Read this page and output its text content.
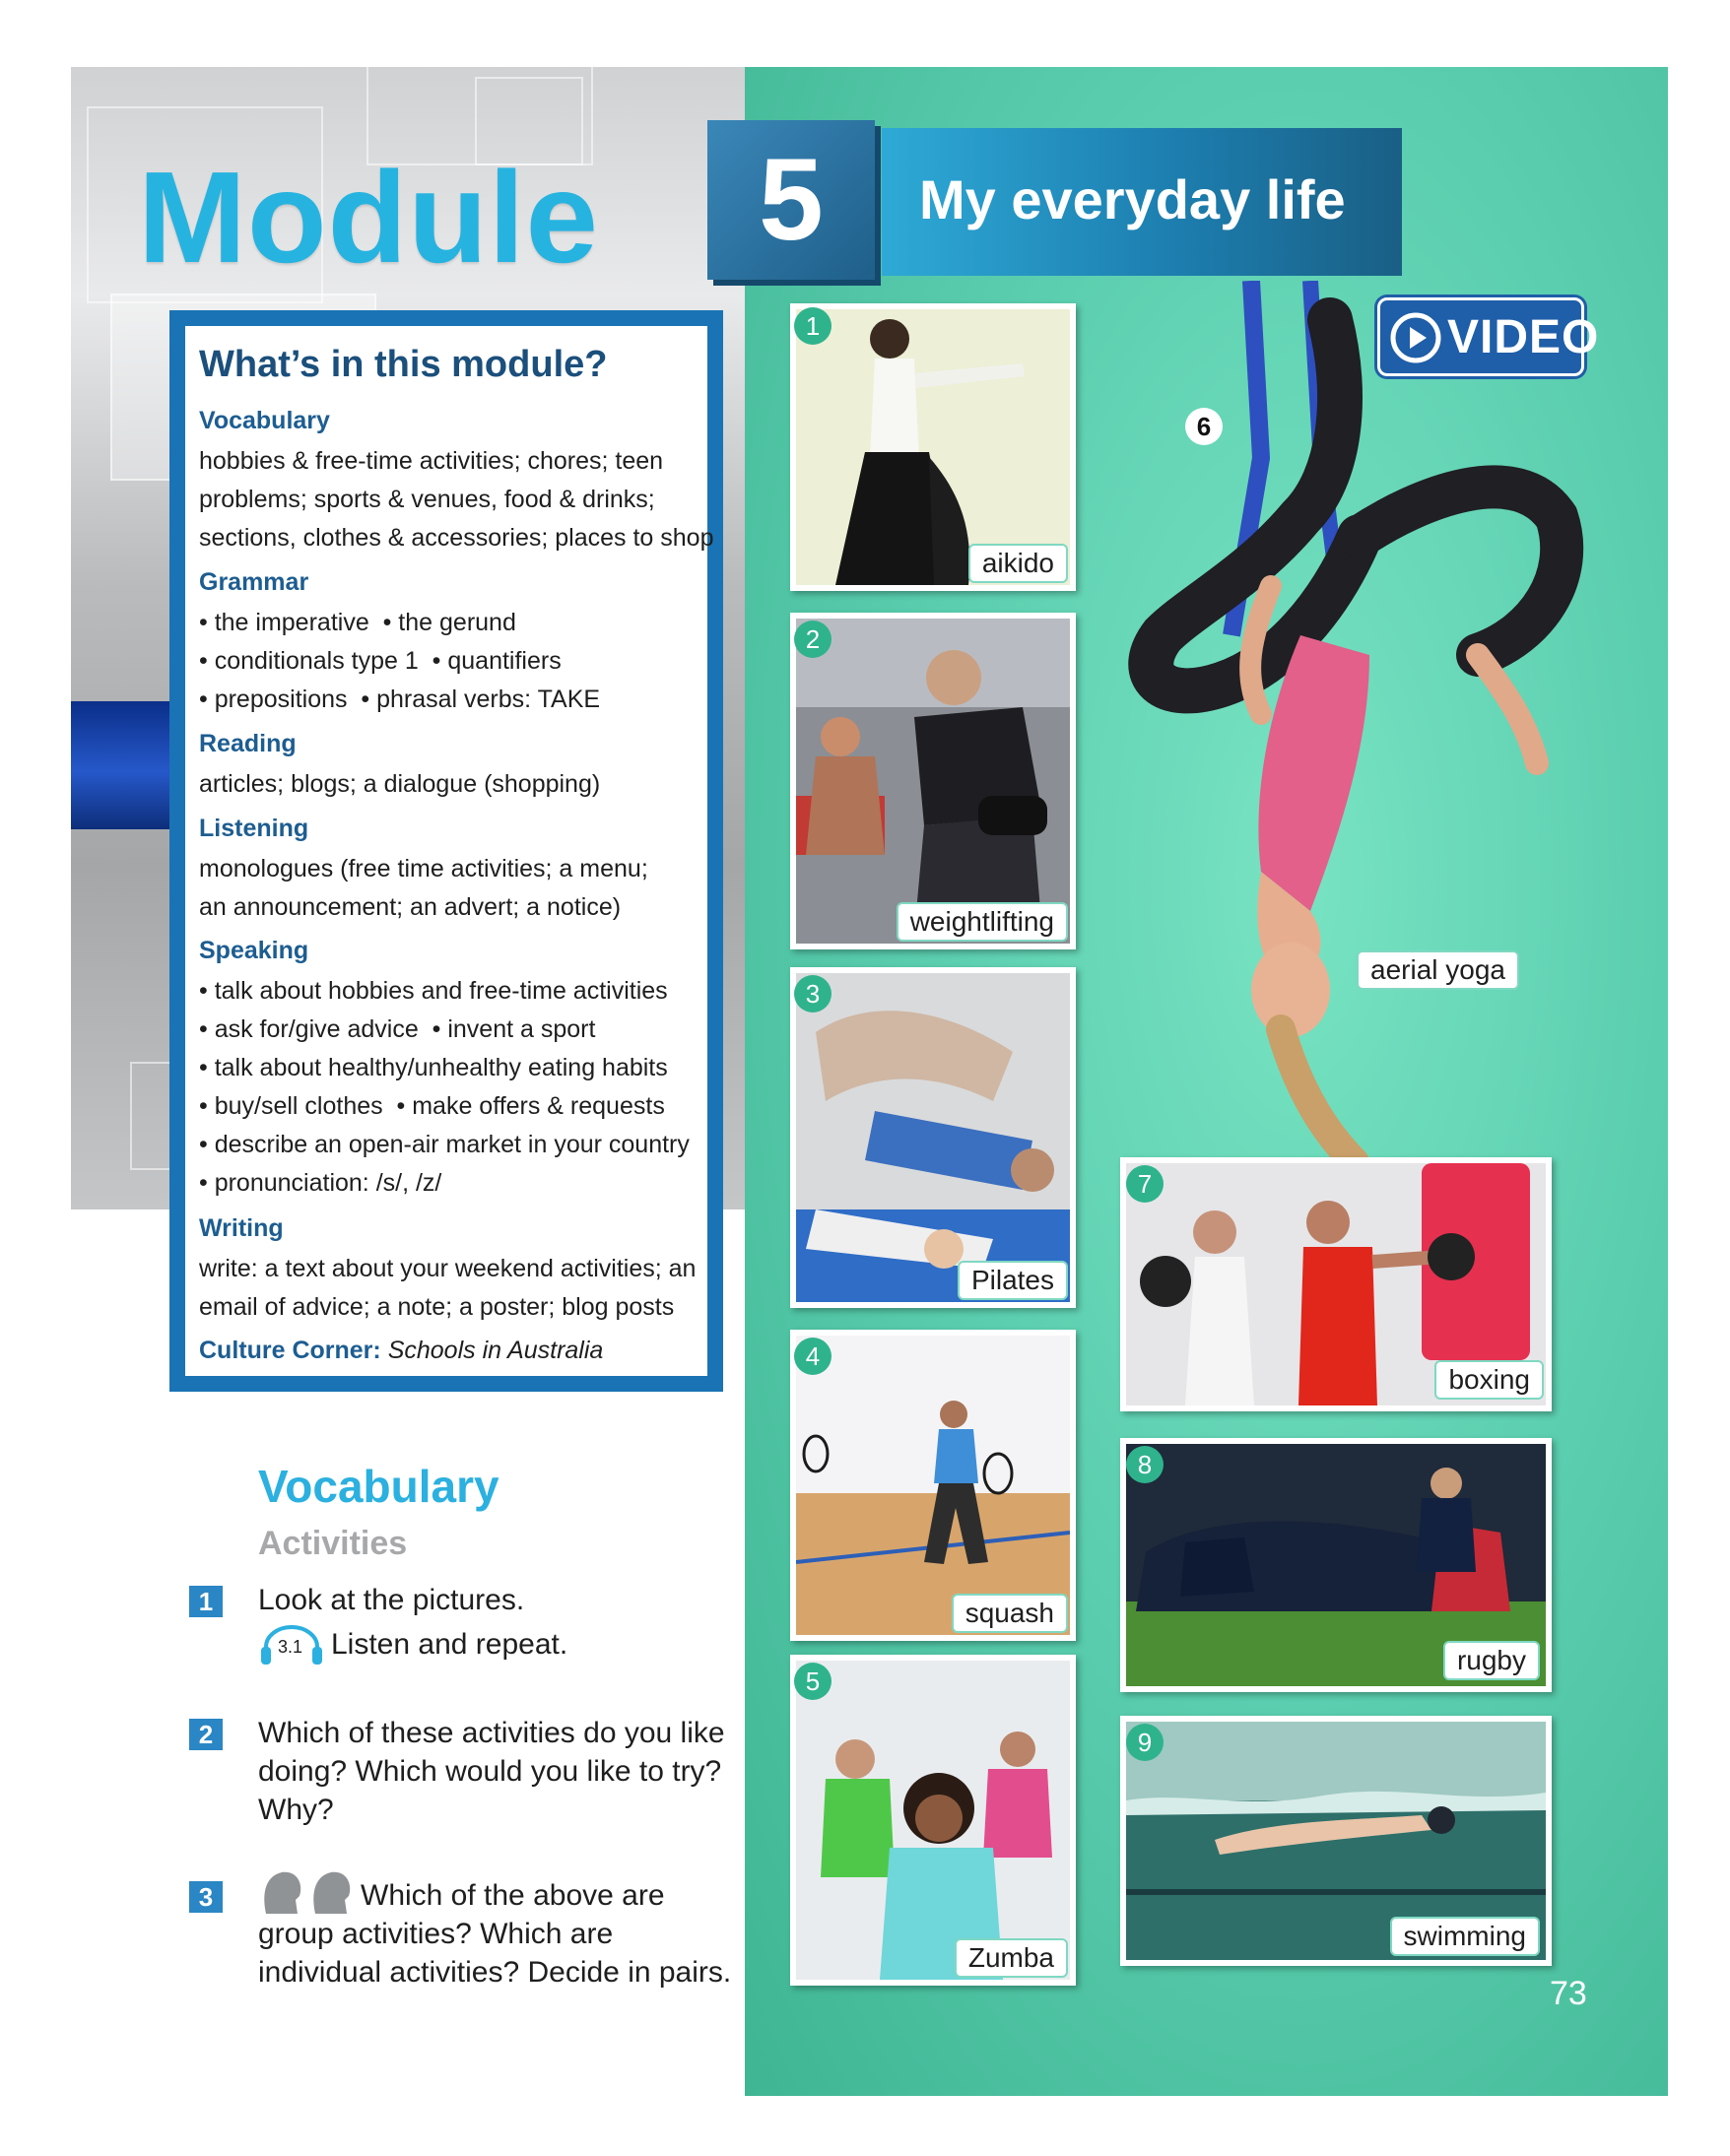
Module	5	My everyday life
What’s in this module?
Vocabulary
hobbies & free-time activities; chores; teen
problems; sports & venues, food & drinks;
sections, clothes & accessories; places to shop
Grammar
• the imperative  • the gerund
• conditionals type 1  • quantifiers
• prepositions  • phrasal verbs: TAKE
Reading
articles; blogs; a dialogue (shopping)
Listening
monologues (free time activities; a menu;
an announcement; an advert; a notice)
Speaking
• talk about hobbies and free-time activities
• ask for/give advice  • invent a sport
• talk about healthy/unhealthy eating habits
• buy/sell clothes  • make offers & requests
• describe an open-air market in your country
• pronunciation: /s/, /z/
Writing
write: a text about your weekend activities; an
email of advice; a note; a poster; blog posts
Culture Corner: Schools in Australia
Vocabulary
Activities
1	Look at the pictures.
3.1 Listen and repeat.
2	Which of these activities do you like
doing? Which would you like to try?
Why?
3	Which of the above are
group activities? Which are
individual activities? Decide in pairs.
6
aerial yoga
VIDEO
1
aikido
2
weightlifting
3
Pilates
4
squash
5
Zumba
7
boxing
8
rugby
9
swimming
73
